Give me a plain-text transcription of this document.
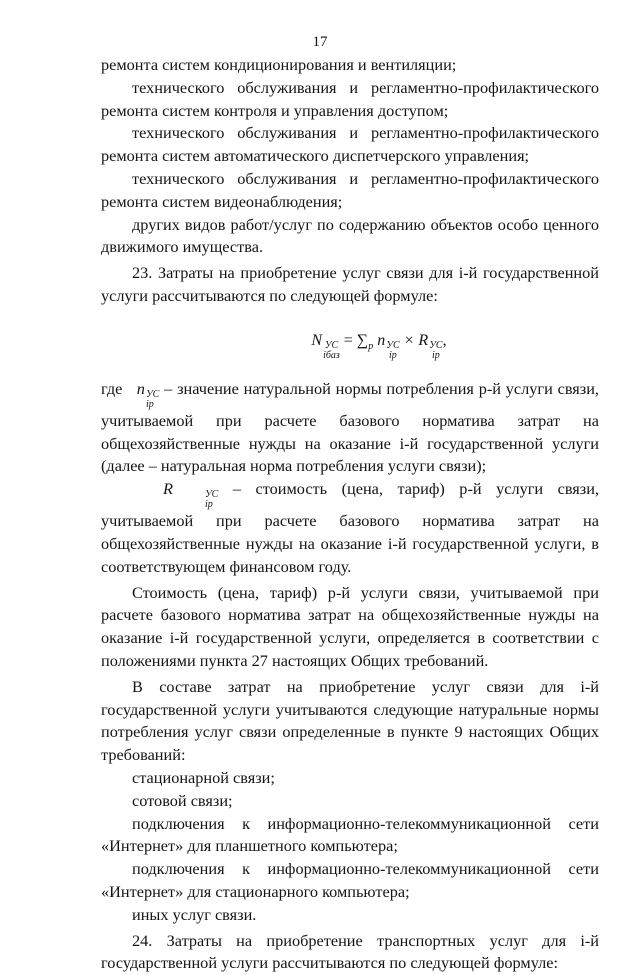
17

ремонта систем кондиционирования и вентиляции;

технического обслуживания и регламентно-профилактического ремонта систем контроля и управления доступом;

технического обслуживания и регламентно-профилактического ремонта систем автоматического диспетчерского управления;

технического обслуживания и регламентно-профилактического ремонта систем видеонаблюдения;

других видов работ/услуг по содержанию объектов особо ценного движимого имущества.

23. Затраты на приобретение услуг связи для i-й государственной услуги рассчитываются по следующей формуле:

N УС
iбаз
= $\sum_p$ n УС
ip
× R УС
ip
,

где n УС
ip
– значение натуральной нормы потребления р-й услуги связи, учитываемой при расчете базового норматива затрат на общехозяйственные нужды на оказание i-й государственной услуги (далее – натуральная норма потребления услуги связи);

R	УС
ip
– стоимость (цена, тариф) р-й услуги связи, учитываемой при расчете базового норматива затрат на общехозяйственные нужды на оказание i-й государственной услуги, в соответствующем финансовом году.

Стоимость (цена, тариф) р-й услуги связи, учитываемой при расчете базового норматива затрат на общехозяйственные нужды на оказание i-й государственной услуги, определяется в соответствии с положениями пункта 27 настоящих Общих требований.

В составе затрат на приобретение услуг связи для i-й государственной услуги учитываются следующие натуральные нормы потребления услуг связи определенные в пункте 9 настоящих Общих требований:

стационарной связи;

сотовой связи;

подключения к информационно-телекоммуникационной сети «Интернет» для планшетного компьютера;

подключения к информационно-телекоммуникационной сети «Интернет» для стационарного компьютера;

иных услуг связи.

24. Затраты на приобретение транспортных услуг для i-й государственной услуги рассчитываются по следующей формуле:
